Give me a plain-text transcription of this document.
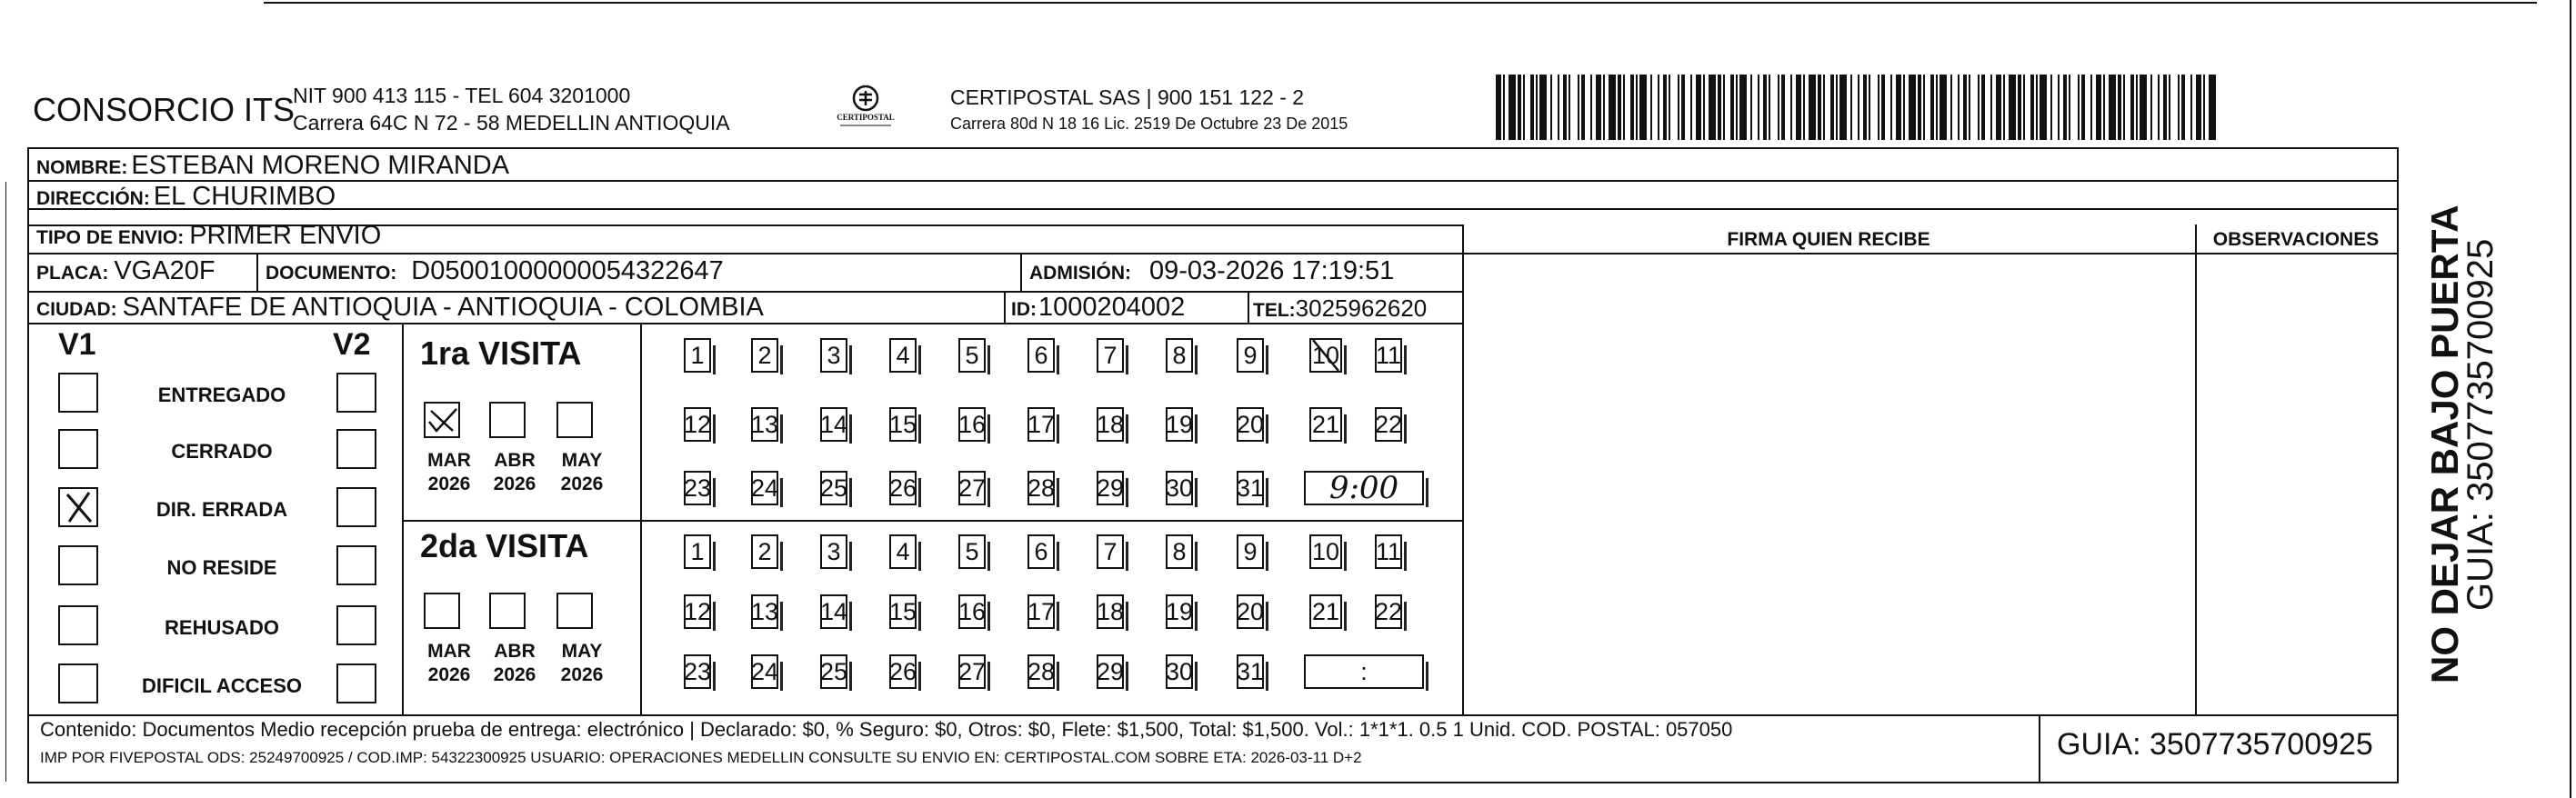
CONSORCIO ITS
NIT 900 413 115 - TEL 604 3201000
Carrera 64C N 72 - 58 MEDELLIN ANTIOQUIA	CERTIPOSTAL
CERTIPOSTAL SAS | 900 151 122 - 2
Carrera 80d N 18 16 Lic. 2519 De Octubre 23 De 2015
NOMBRE: ESTEBAN MORENO MIRANDA
DIRECCIÓN: EL CHURIMBO
TIPO DE ENVIO: PRIMER ENVIO	FIRMA QUIEN RECIBE	OBSERVACIONES
PLACA: VGA20F	DOCUMENTO: D05001000000054322647	ADMISIÓN: 09-03-2026 17:19:51
CIUDAD: SANTAFE DE ANTIOQUIA - ANTIOQUIA - COLOMBIA	ID: 1000204002	TEL: 3025962620
V1	V2
ENTREGADO
CERRADO
DIR. ERRADA
NO RESIDE
REHUSADO
DIFICIL ACCESO
1ra VISITA
2da VISITA
MAR
2026
ABR
2026
MAY
2026
MAR
2026
ABR
2026
MAY
2026
1 2 3 4 5 6 7 8 9 10 11
12 13 14 15 16 17 18 19 20 21 22
23 24 25 26 27 28 29 30 31	9:00
1 2 3 4 5 6 7 8 9 10 11
12 13 14 15 16 17 18 19 20 21 22
23 24 25 26 27 28 29 30 31	:
Contenido: Documentos Medio recepción prueba de entrega: electrónico | Declarado: $0, % Seguro: $0, Otros: $0, Flete: $1,500, Total: $1,500. Vol.: 1*1*1. 0.5 1 Unid. COD. POSTAL: 057050
IMP POR FIVEPOSTAL ODS: 25249700925 / COD.IMP: 54322300925 USUARIO: OPERACIONES MEDELLIN CONSULTE SU ENVIO EN: CERTIPOSTAL.COM SOBRE ETA: 2026-03-11 D+2	GUIA: 3507735700925
NO DEJAR BAJO PUERTA
GUIA: 3507735700925
